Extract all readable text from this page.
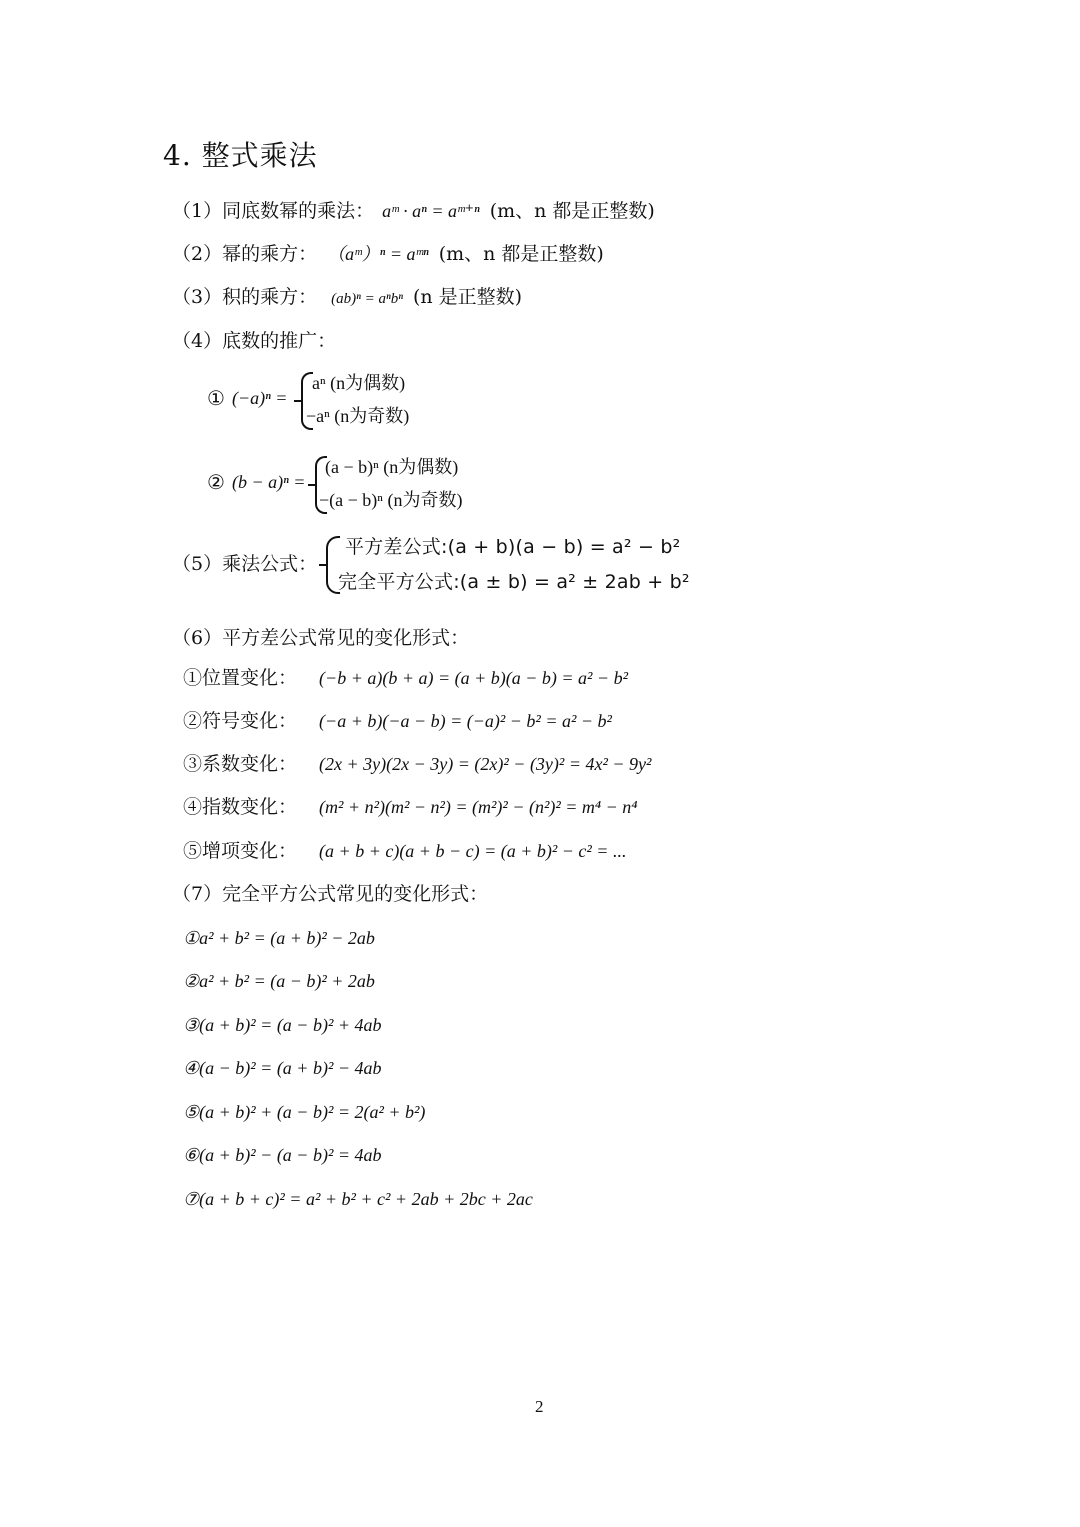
4. 整式乘法
（1）同底数幂的乘法： aᵐ · aⁿ = aᵐ⁺ⁿ (m、n 都是正整数)
（2）幂的乘方： （aᵐ）ⁿ = aᵐⁿ (m、n 都是正整数)
（3）积的乘方： (ab)ⁿ = aⁿbⁿ (n 是正整数)
（4）底数的推广：
① (−a)ⁿ =
aⁿ (n为偶数)
−aⁿ (n为奇数)
② (b − a)ⁿ =
(a − b)ⁿ (n为偶数)
−(a − b)ⁿ (n为奇数)
（5）乘法公式：
平方差公式:(a + b)(a − b) = a² − b²
完全平方公式:(a ± b) = a² ± 2ab + b²
（6）平方差公式常见的变化形式：
①位置变化： (−b + a)(b + a) = (a + b)(a − b) = a² − b²
②符号变化： (−a + b)(−a − b) = (−a)² − b² = a² − b²
③系数变化： (2x + 3y)(2x − 3y) = (2x)² − (3y)² = 4x² − 9y²
④指数变化： (m² + n²)(m² − n²) = (m²)² − (n²)² = m⁴ − n⁴
⑤增项变化： (a + b + c)(a + b − c) = (a + b)² − c² = ...
（7）完全平方公式常见的变化形式：
①a² + b² = (a + b)² − 2ab
②a² + b² = (a − b)² + 2ab
③(a + b)² = (a − b)² + 4ab
④(a − b)² = (a + b)² − 4ab
⑤(a + b)² + (a − b)² = 2(a² + b²)
⑥(a + b)² − (a − b)² = 4ab
⑦(a + b + c)² = a² + b² + c² + 2ab + 2bc + 2ac
2
